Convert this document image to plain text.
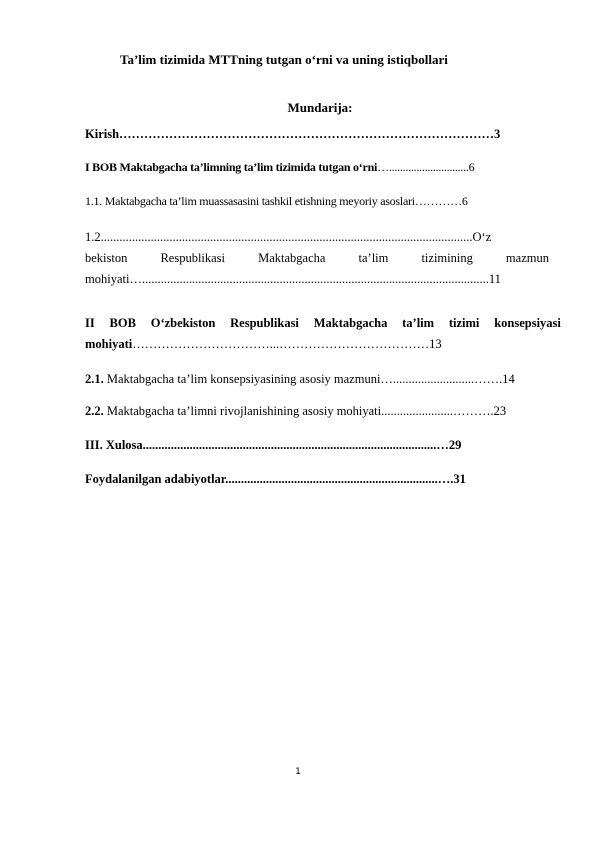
Ta’lim tizimida MTTning tutgan o‘rni va uning istiqbollari
Mundarija:
Kirish………………………………………………………………………………3
I BOB Maktabgacha ta’limning ta’lim tizimida tutgan o‘rni….............................6
1.1. Maktabgacha ta’lim muassasasini tashkil etishning meyoriy asoslari…………6
1.2.......................................................................................................................O‘z
bekiston	Respublikasi	Maktabgacha	ta’lim	tizimining	mazmun
mohiyati…...............................................................................................................11
II BOB O‘zbekiston Respublikasi Maktabgacha ta’lim tizimi konsepsiyasi
mohiyati……………………………...………………………………13
2.1. Maktabgacha ta’lim konsepsiyasining asosiy mazmuni…..........................…….14
2.2. Maktabgacha ta’limni rivojlanishining asosiy mohiyati.......................……….23
III. Xulosa..............................................................................................…29
Foydalanilgan adabiyotlar....................................................................….31
1
